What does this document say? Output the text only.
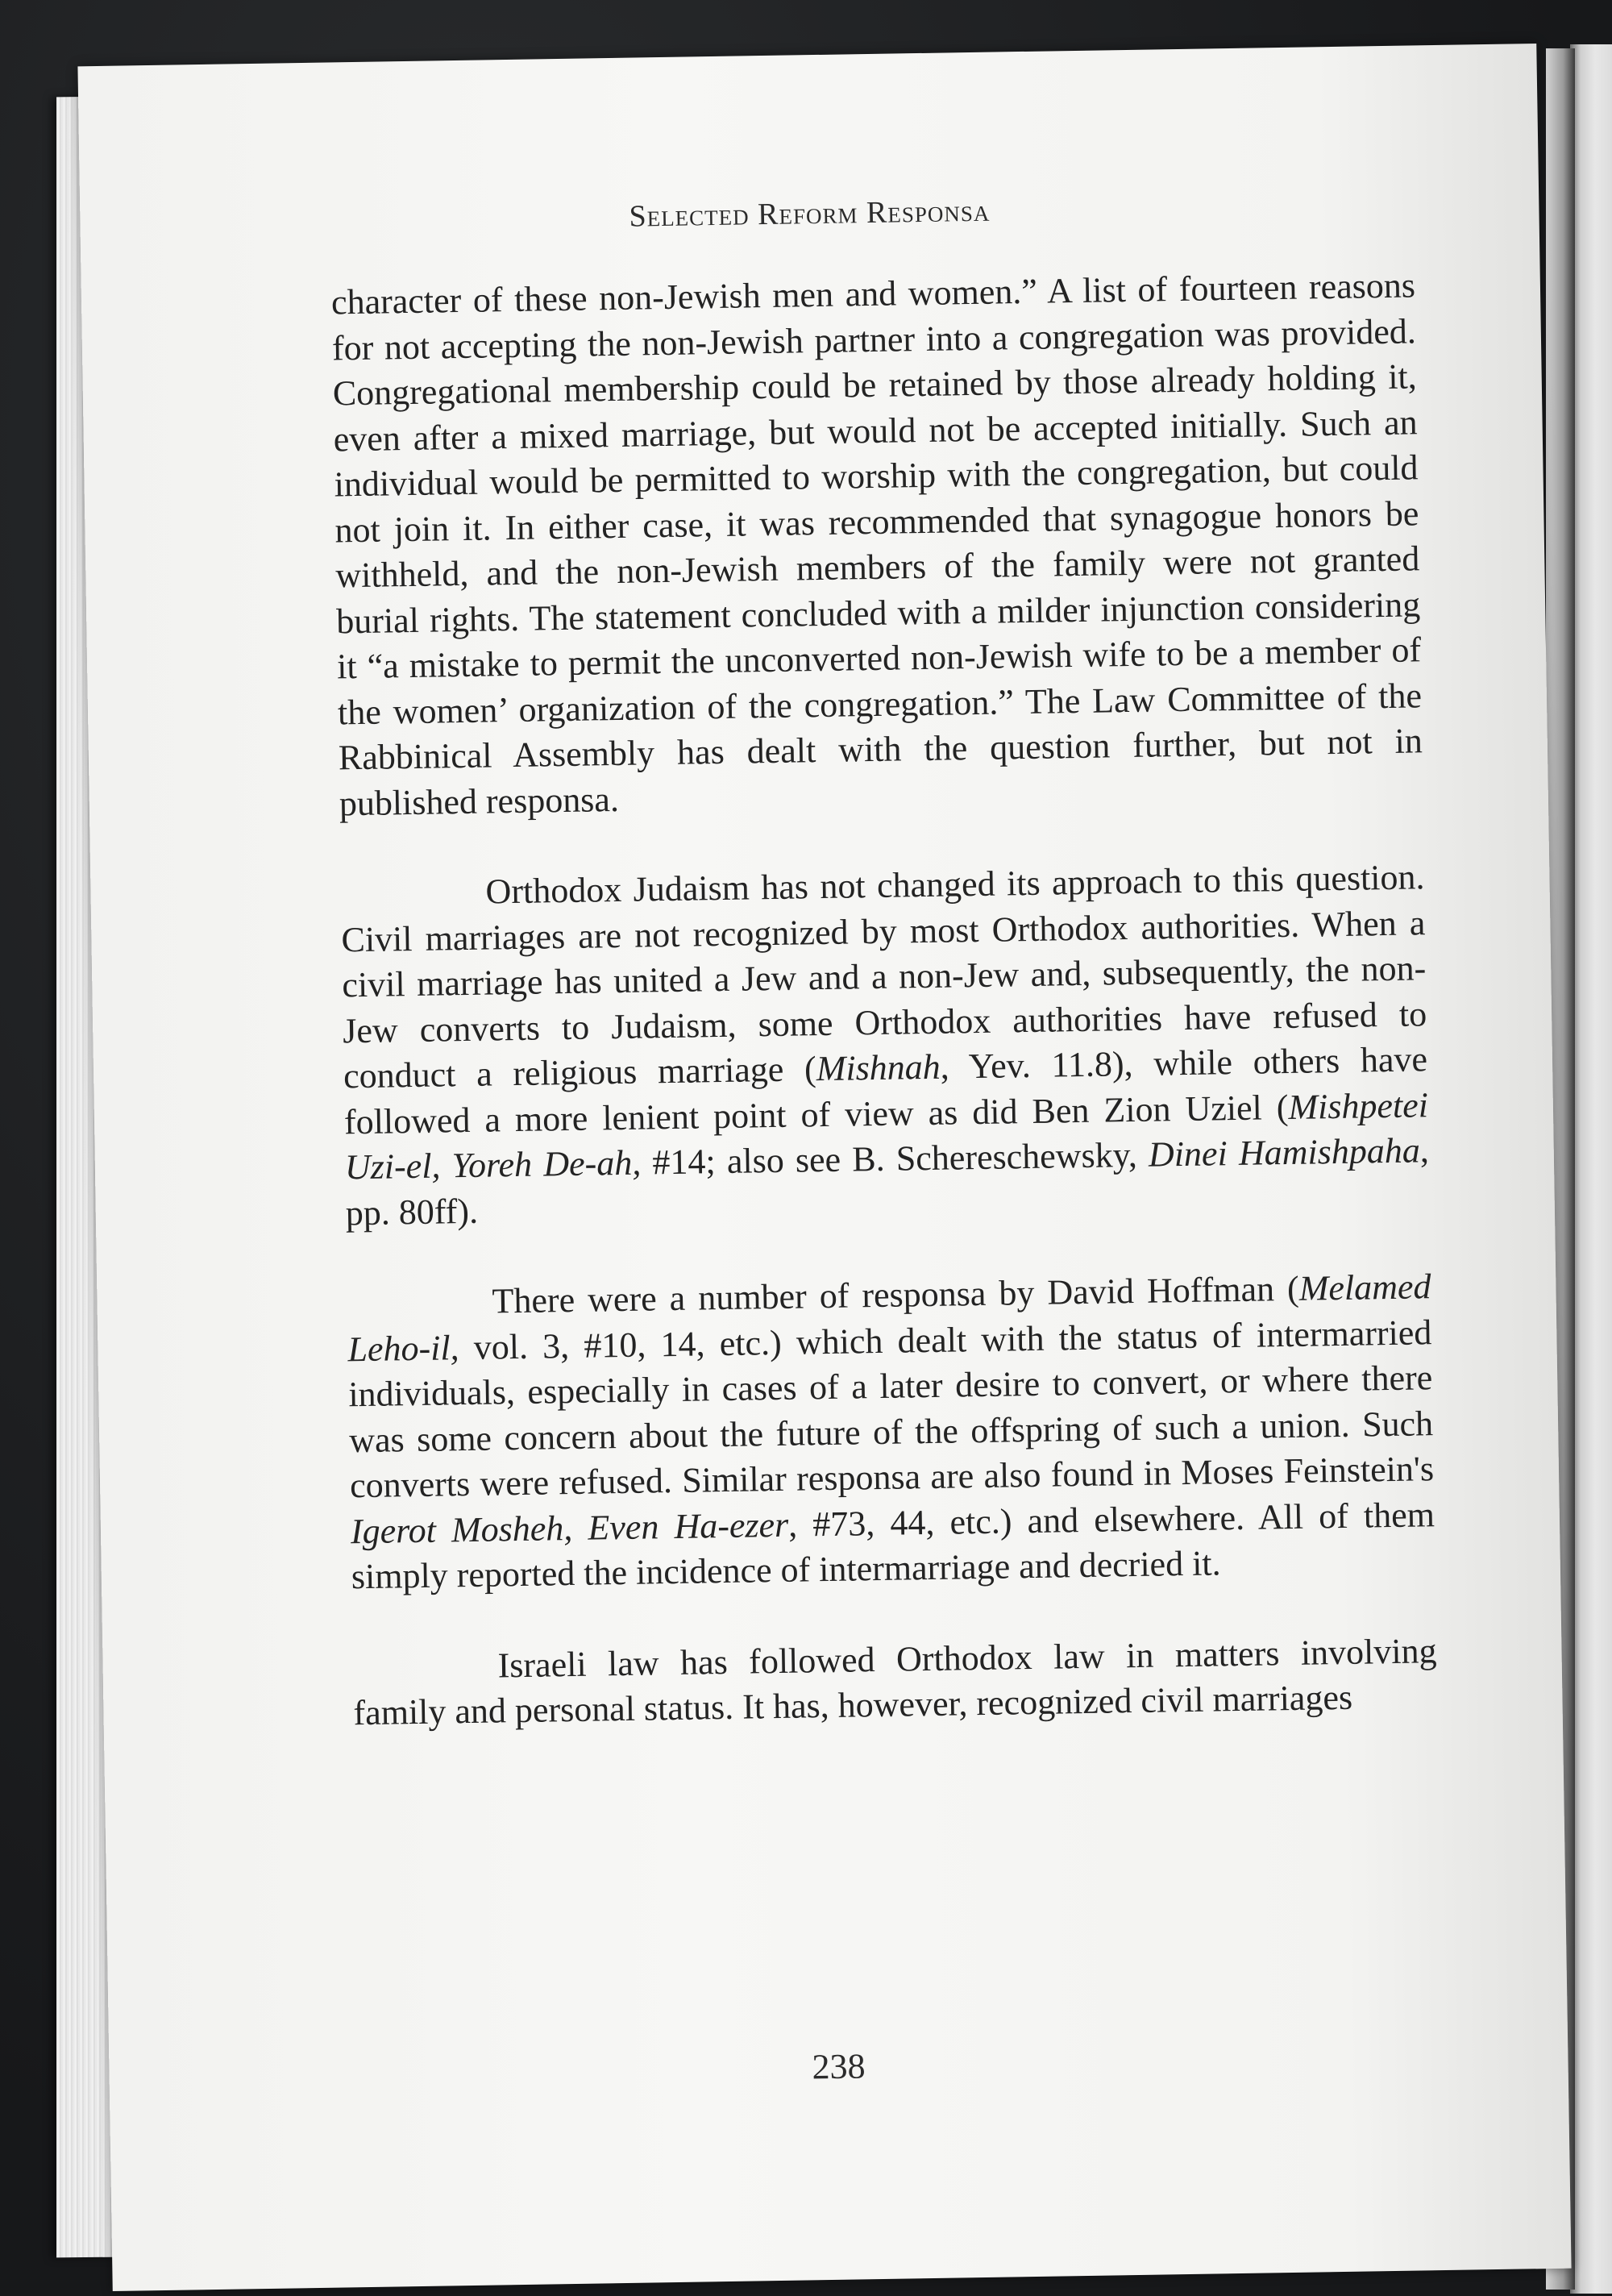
Selected Reform Responsa

character of these non-Jewish men and women.” A list of fourteen reasons for not accepting the non-Jewish partner into a congregation was provided. Congregational membership could be retained by those already holding it, even after a mixed marriage, but would not be accepted initially. Such an individual would be permitted to worship with the congregation, but could not join it. In either case, it was recommended that synagogue honors be withheld, and the non-Jewish members of the family were not granted burial rights. The statement concluded with a milder injunction considering it “a mistake to permit the unconverted non-Jewish wife to be a member of the women’ organization of the congregation.” The Law Committee of the Rabbinical Assembly has dealt with the question further, but not in published responsa.

Orthodox Judaism has not changed its approach to this question. Civil marriages are not recognized by most Orthodox authorities. When a civil marriage has united a Jew and a non-Jew and, subsequently, the non-Jew converts to Judaism, some Orthodox authorities have refused to conduct a religious marriage (Mishnah, Yev. 11.8), while others have followed a more lenient point of view as did Ben Zion Uziel (Mishpetei Uzi-el, Yoreh De-ah, #14; also see B. Schereschewsky, Dinei Hamishpaha, pp. 80ff).

There were a number of responsa by David Hoffman (Melamed Leho-il, vol. 3, #10, 14, etc.) which dealt with the status of intermarried individuals, especially in cases of a later desire to convert, or where there was some concern about the future of the offspring of such a union. Such converts were refused. Similar responsa are also found in Moses Feinstein's Igerot Mosheh, Even Ha-ezer, #73, 44, etc.) and elsewhere. All of them simply reported the incidence of intermarriage and decried it.

Israeli law has followed Orthodox law in matters involving family and personal status. It has, however, recognized civil marriages

238
